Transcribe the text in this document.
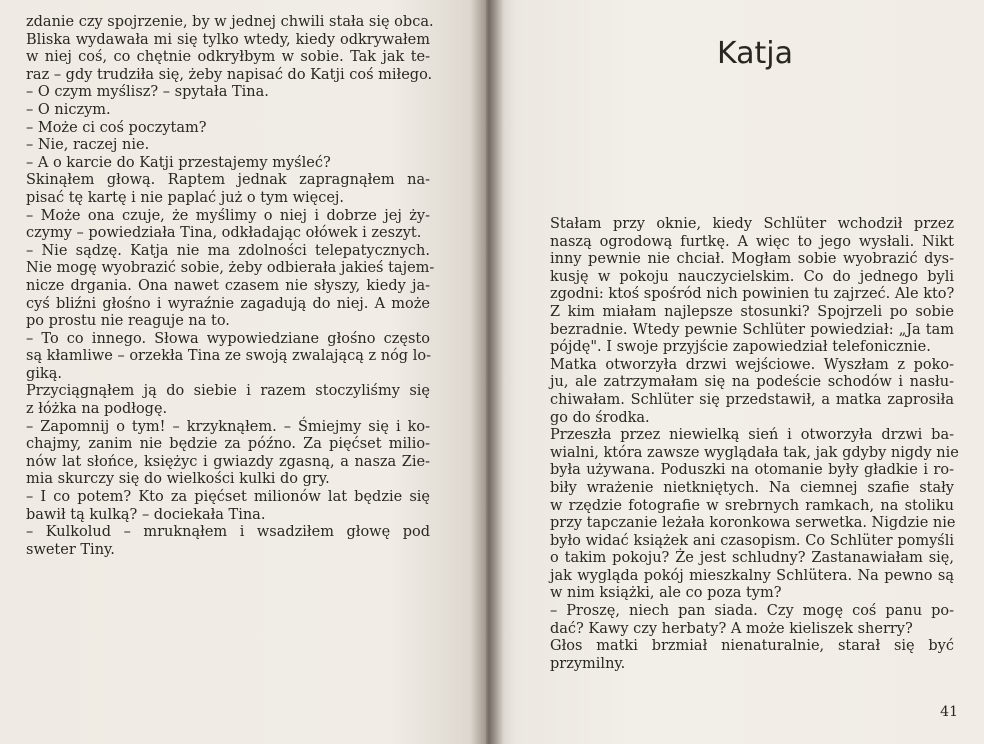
zdanie czy spojrzenie, by w jednej chwili stała się obca.
Bliska wydawała mi się tylko wtedy, kiedy odkrywałem
w niej coś, co chętnie odkryłbym w sobie. Tak jak te-
raz – gdy trudziła się, żeby napisać do Katji coś miłego.
– O czym myślisz? – spytała Tina.
– O niczym.
– Może ci coś poczytam?
– Nie, raczej nie.
– A o karcie do Katji przestajemy myśleć?
Skinąłem głową. Raptem jednak zapragnąłem na-
pisać tę kartę i nie paplać już o tym więcej.
– Może ona czuje, że myślimy o niej i dobrze jej ży-
czymy – powiedziała Tina, odkładając ołówek i zeszyt.
– Nie sądzę. Katja nie ma zdolności telepatycznych.
Nie mogę wyobrazić sobie, żeby odbierała jakieś tajem-
nicze drgania. Ona nawet czasem nie słyszy, kiedy ja-
cyś bliźni głośno i wyraźnie zagadują do niej. A może
po prostu nie reaguje na to.
– To co innego. Słowa wypowiedziane głośno często
są kłamliwe – orzekła Tina ze swoją zwalającą z nóg lo-
giką.
Przyciągnąłem ją do siebie i razem stoczyliśmy się
z łóżka na podłogę.
– Zapomnij o tym! – krzyknąłem. – Śmiejmy się i ko-
chajmy, zanim nie będzie za późno. Za pięćset milio-
nów lat słońce, księżyc i gwiazdy zgasną, a nasza Zie-
mia skurczy się do wielkości kulki do gry.
– I co potem? Kto za pięćset milionów lat będzie się
bawił tą kulką? – dociekała Tina.
– Kulkolud – mruknąłem i wsadziłem głowę pod
sweter Tiny.
Katja
Stałam przy oknie, kiedy Schlüter wchodził przez
naszą ogrodową furtkę. A więc to jego wysłali. Nikt
inny pewnie nie chciał. Mogłam sobie wyobrazić dys-
kusję w pokoju nauczycielskim. Co do jednego byli
zgodni: ktoś spośród nich powinien tu zajrzeć. Ale kto?
Z kim miałam najlepsze stosunki? Spojrzeli po sobie
bezradnie. Wtedy pewnie Schlüter powiedział: „Ja tam
pójdę". I swoje przyjście zapowiedział telefonicznie.
Matka otworzyła drzwi wejściowe. Wyszłam z poko-
ju, ale zatrzymałam się na podeście schodów i nasłu-
chiwałam. Schlüter się przedstawił, a matka zaprosiła
go do środka.
Przeszła przez niewielką sień i otworzyła drzwi ba-
wialni, która zawsze wyglądała tak, jak gdyby nigdy nie
była używana. Poduszki na otomanie były gładkie i ro-
biły wrażenie nietkniętych. Na ciemnej szafie stały
w rzędzie fotografie w srebrnych ramkach, na stoliku
przy tapczanie leżała koronkowa serwetka. Nigdzie nie
było widać książek ani czasopism. Co Schlüter pomyśli
o takim pokoju? Że jest schludny? Zastanawiałam się,
jak wygląda pokój mieszkalny Schlütera. Na pewno są
w nim książki, ale co poza tym?
– Proszę, niech pan siada. Czy mogę coś panu po-
dać? Kawy czy herbaty? A może kieliszek sherry?
Głos matki brzmiał nienaturalnie, starał się być
przymilny.
41
